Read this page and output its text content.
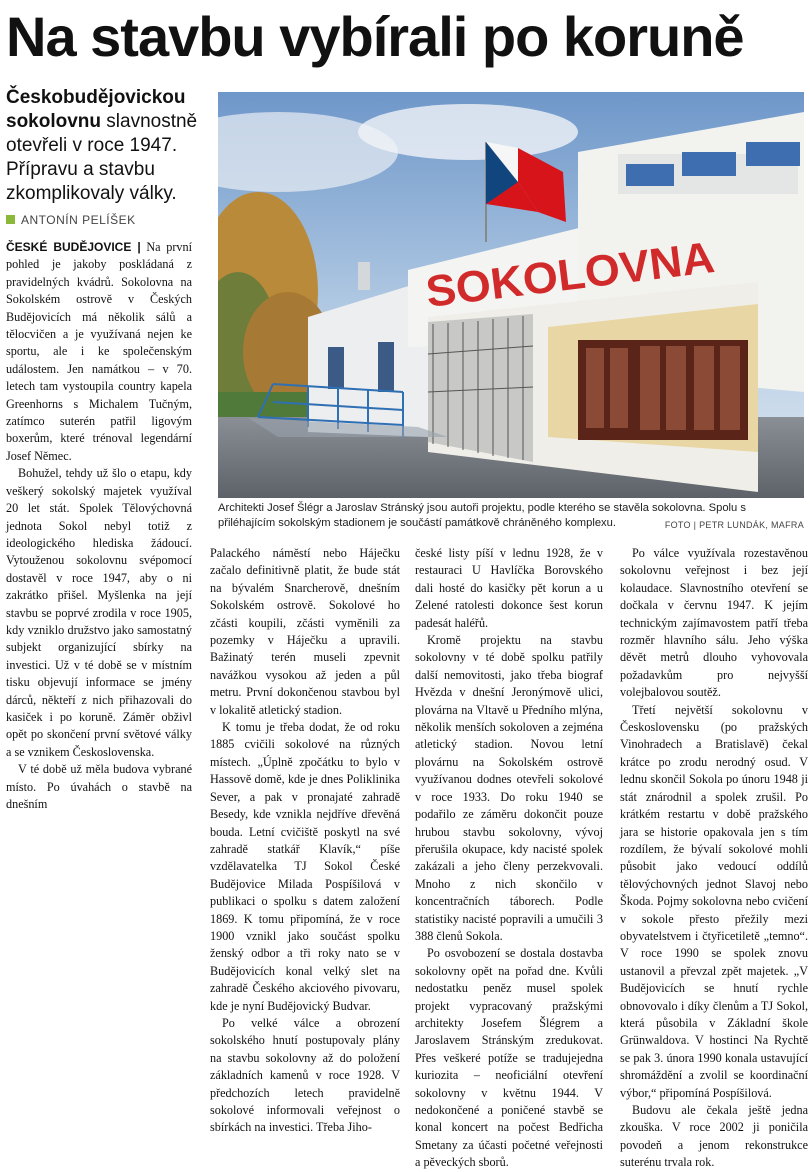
Na stavbu vybírali po koruně

Českobudějovickou sokolovnu slavnostně otevřeli v roce 1947. Přípravu a stavbu zkomplikovaly války.

ANTONÍN PELÍŠEK

ČESKÉ BUDĚJOVICE | Na první pohled je jakoby poskládaná z pravidelných kvádrů. Sokolovna na Sokolském ostrově v Českých Budějovicích má několik sálů a tělocvičen a je využívaná nejen ke sportu, ale i ke společenským událostem. Jen namátkou – v 70. letech tam vystoupila country kapela Greenhorns s Michalem Tučným, zatímco suterén patřil ligovým boxerům, které trénoval legendární Josef Němec.

Bohužel, tehdy už šlo o etapu, kdy veškerý sokolský majetek využíval 20 let stát. Spolek Tělovýchovná jednota Sokol nebyl totiž z ideologického hlediska žádoucí. Vytouženou sokolovnu svépomocí dostavěl v roce 1947, aby o ni zakrátko přišel. Myšlenka na její stavbu se poprvé zrodila v roce 1905, kdy vzniklo družstvo jako samostatný subjekt organizující sbírky na investici. Už v té době se v místním tisku objevují informace se jmény dárců, někteří z nich přihazovali do kasiček i po koruně. Záměr obživl opět po skončení první světové války a se vznikem Československa.

V té době už měla budova vybrané místo. Po úvahách o stavbě na dnešním

SOKOLOVNA
Architekti Josef Šlégr a Jaroslav Stránský jsou autoři projektu, podle kterého se stavěla sokolovna. Spolu s přiléhajícím sokolským stadionem je součástí památkově chráněného komplexu.	FOTO | PETR LUNDÁK, MAFRA

Palackého náměstí nebo Háječku začalo definitivně platit, že bude stát na bývalém Snarcherově, dnešním Sokolském ostrově. Sokolové ho zčásti koupili, zčásti vyměnili za pozemky v Háječku a upravili. Bažinatý terén museli zpevnit navážkou vysokou až jeden a půl metru. První dokončenou stavbou byl v lokalitě atletický stadion.

K tomu je třeba dodat, že od roku 1885 cvičili sokolové na různých místech. „Úplně zpočátku to bylo v Hassově domě, kde je dnes Poliklinika Sever, a pak v pronajaté zahradě Besedy, kde vznikla nejdříve dřevěná bouda. Letní cvičiště poskytl na své zahradě statkář Klavík,“ píše vzdělavatelka TJ Sokol České Budějovice Milada Pospíšilová v publikaci o spolku s datem založení 1869. K tomu připomíná, že v roce 1900 vznikl jako součást spolku ženský odbor a tři roky nato se v Budějovicích konal velký slet na zahradě Českého akciového pivovaru, kde je nyní Budějovický Budvar.

Po velké válce a obrození sokolského hnutí postupovaly plány na stavbu sokolovny až do položení základních kamenů v roce 1928. V předchozích letech pravidelně sokolové informovali veřejnost o sbírkách na investici. Třeba Jiho-

české listy píší v lednu 1928, že v restauraci U Havlíčka Borovského dali hosté do kasičky pět korun a u Zelené ratolesti dokonce šest korun padesát haléřů.

Kromě projektu na stavbu sokolovny v té době spolku patřily další nemovitosti, jako třeba biograf Hvězda v dnešní Jeronýmově ulici, plovárna na Vltavě u Předního mlýna, několik menších sokoloven a zejména atletický stadion. Novou letní plovárnu na Sokolském ostrově využívanou dodnes otevřeli sokolové v roce 1933. Do roku 1940 se podařilo ze záměru dokončit pouze hrubou stavbu sokolovny, vývoj přerušila okupace, kdy nacisté spolek zakázali a jeho členy perzekvovali. Mnoho z nich skončilo v koncentračních táborech. Podle statistiky nacisté popravili a umučili 3 388 členů Sokola.

Po osvobození se dostala dostavba sokolovny opět na pořad dne. Kvůli nedostatku peněz musel spolek projekt vypracovaný pražskými architekty Josefem Šlégrem a Jaroslavem Stránským zredukovat. Přes veškeré potíže se tradujejedna kuriozita – neoficiální otevření sokolovny v květnu 1944. V nedokončené a poničené stavbě se konal koncert na počest Bedřicha Smetany za účasti početné veřejnosti a pěveckých sborů.

Po válce využívala rozestavěnou sokolovnu veřejnost i bez její kolaudace. Slavnostního otevření se dočkala v červnu 1947. K jejím technickým zajímavostem patří třeba rozměr hlavního sálu. Jeho výška děvět metrů dlouho vyhovovala požadavkům pro nejvyšší volejbalovou soutěž.

Třetí největší sokolovnu v Československu (po pražských Vinohradech a Bratislavě) čekal krátce po zrodu nerodný osud. V lednu skončil Sokola po únoru 1948 ji stát znárodnil a spolek zrušil. Po krátkém restartu v době pražského jara se historie opakovala jen s tím rozdílem, že bývalí sokolové mohli působit jako vedoucí oddílů tělovýchovných jednot Slavoj nebo Škoda. Pojmy sokolovna nebo cvičení v sokole přesto přežily mezi obyvatelstvem i čtyřicetiletě „temno“. V roce 1990 se spolek znovu ustanovil a převzal zpět majetek. „V Budějovicích se hnutí rychle obnovovalo i díky členům a TJ Sokol, která působila v Základní škole Grünwaldova. V hostinci Na Rychtě se pak 3. února 1990 konala ustavující shromáždění a zvolil se koordinační výbor,“ připomíná Pospíšilová.

Budovu ale čekala ještě jedna zkouška. V roce 2002 ji poničila povodeň a jenom rekonstrukce suterénu trvala rok.
